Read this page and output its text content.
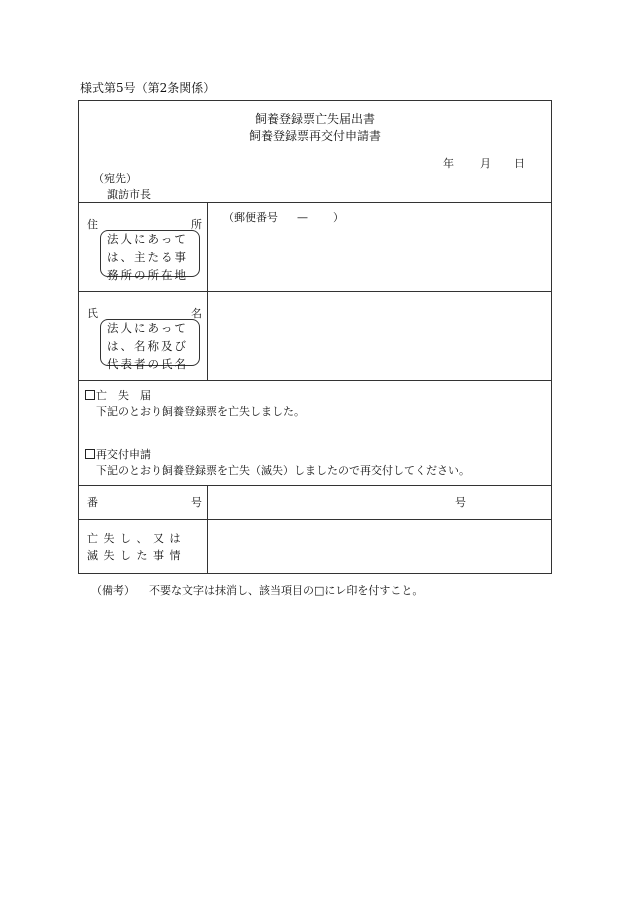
様式第5号（第2条関係）
飼養登録票亡失届出書
飼養登録票再交付申請書
年 月 日
（宛先）
諏訪市長
住	所
法人にあって
は、主たる事
務所の所在地
（郵便番号 — ）
氏	名
法人にあって
は、名称及び
代表者の氏名
亡　失　届
下記のとおり飼養登録票を亡失しました。
再交付申請
下記のとおり飼養登録票を亡失（滅失）しましたので再交付してください。
番	号	号
亡 失 し 、 又 は
滅 失 し た 事 情
（備考） 不要な文字は抹消し、該当項目の□にレ印を付すこと。
